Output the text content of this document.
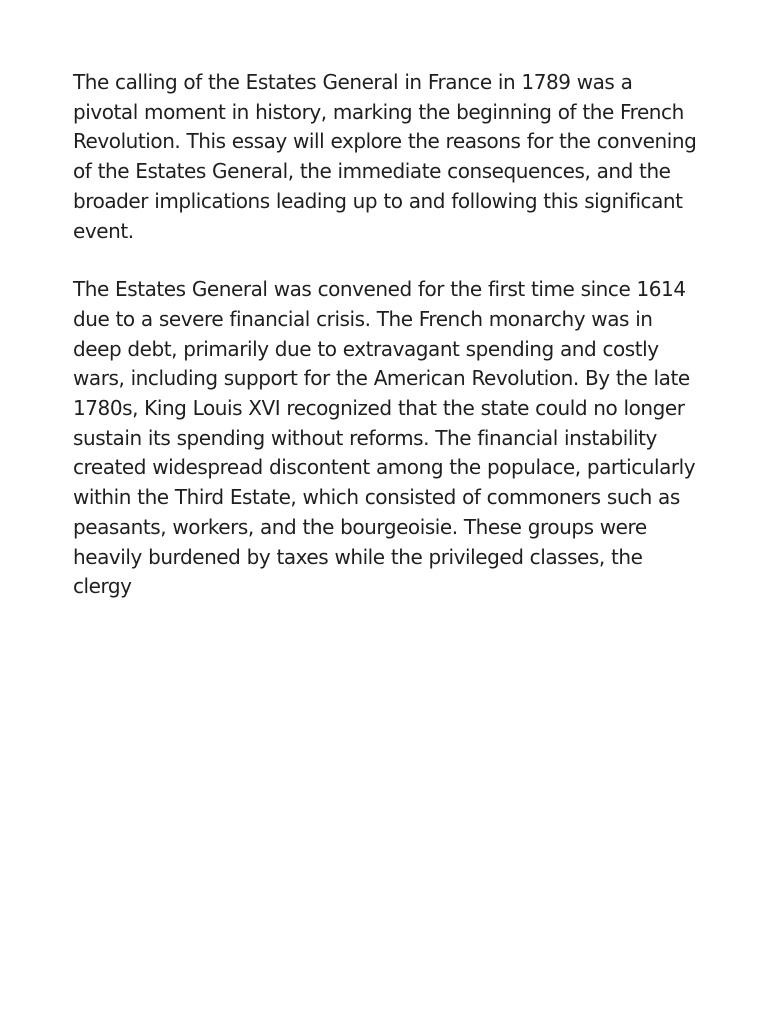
The calling of the Estates General in France in 1789 was a pivotal moment in history, marking the beginning of the French Revolution. This essay will explore the reasons for the convening of the Estates General, the immediate consequences, and the broader implications leading up to and following this significant event.

The Estates General was convened for the first time since 1614 due to a severe financial crisis. The French monarchy was in deep debt, primarily due to extravagant spending and costly wars, including support for the American Revolution. By the late 1780s, King Louis XVI recognized that the state could no longer sustain its spending without reforms. The financial instability created widespread discontent among the populace, particularly within the Third Estate, which consisted of commoners such as peasants, workers, and the bourgeoisie. These groups were heavily burdened by taxes while the privileged classes, the clergy
